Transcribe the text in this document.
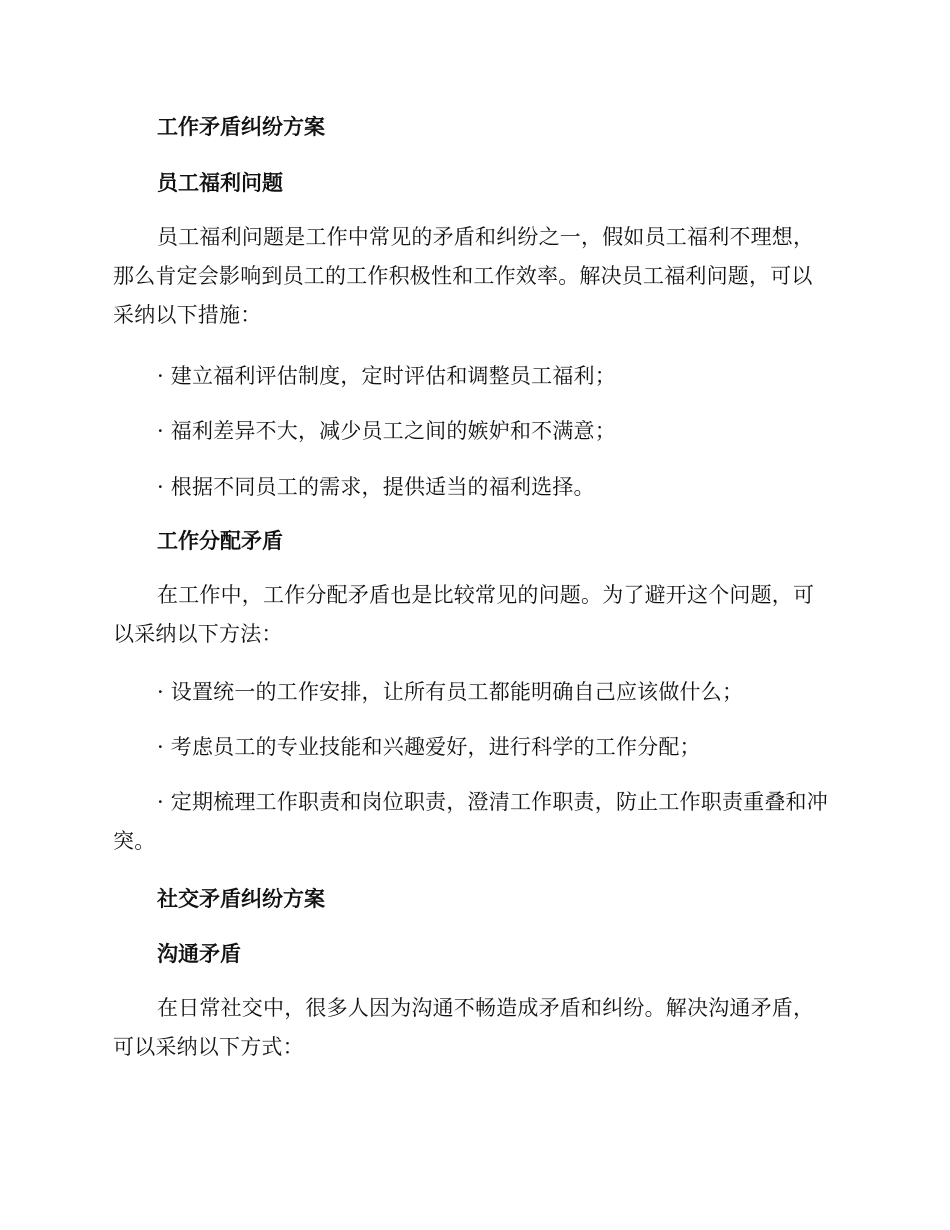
工作矛盾纠纷方案
员工福利问题
员工福利问题是工作中常见的矛盾和纠纷之一，假如员工福利不理想，那么肯定会影响到员工的工作积极性和工作效率。解决员工福利问题，可以采纳以下措施：
· 建立福利评估制度，定时评估和调整员工福利；
· 福利差异不大，减少员工之间的嫉妒和不满意；
· 根据不同员工的需求，提供适当的福利选择。
工作分配矛盾
在工作中，工作分配矛盾也是比较常见的问题。为了避开这个问题，可以采纳以下方法：
· 设置统一的工作安排，让所有员工都能明确自己应该做什么；
· 考虑员工的专业技能和兴趣爱好，进行科学的工作分配；
· 定期梳理工作职责和岗位职责，澄清工作职责，防止工作职责重叠和冲突。
社交矛盾纠纷方案
沟通矛盾
在日常社交中，很多人因为沟通不畅造成矛盾和纠纷。解决沟通矛盾，可以采纳以下方式：
